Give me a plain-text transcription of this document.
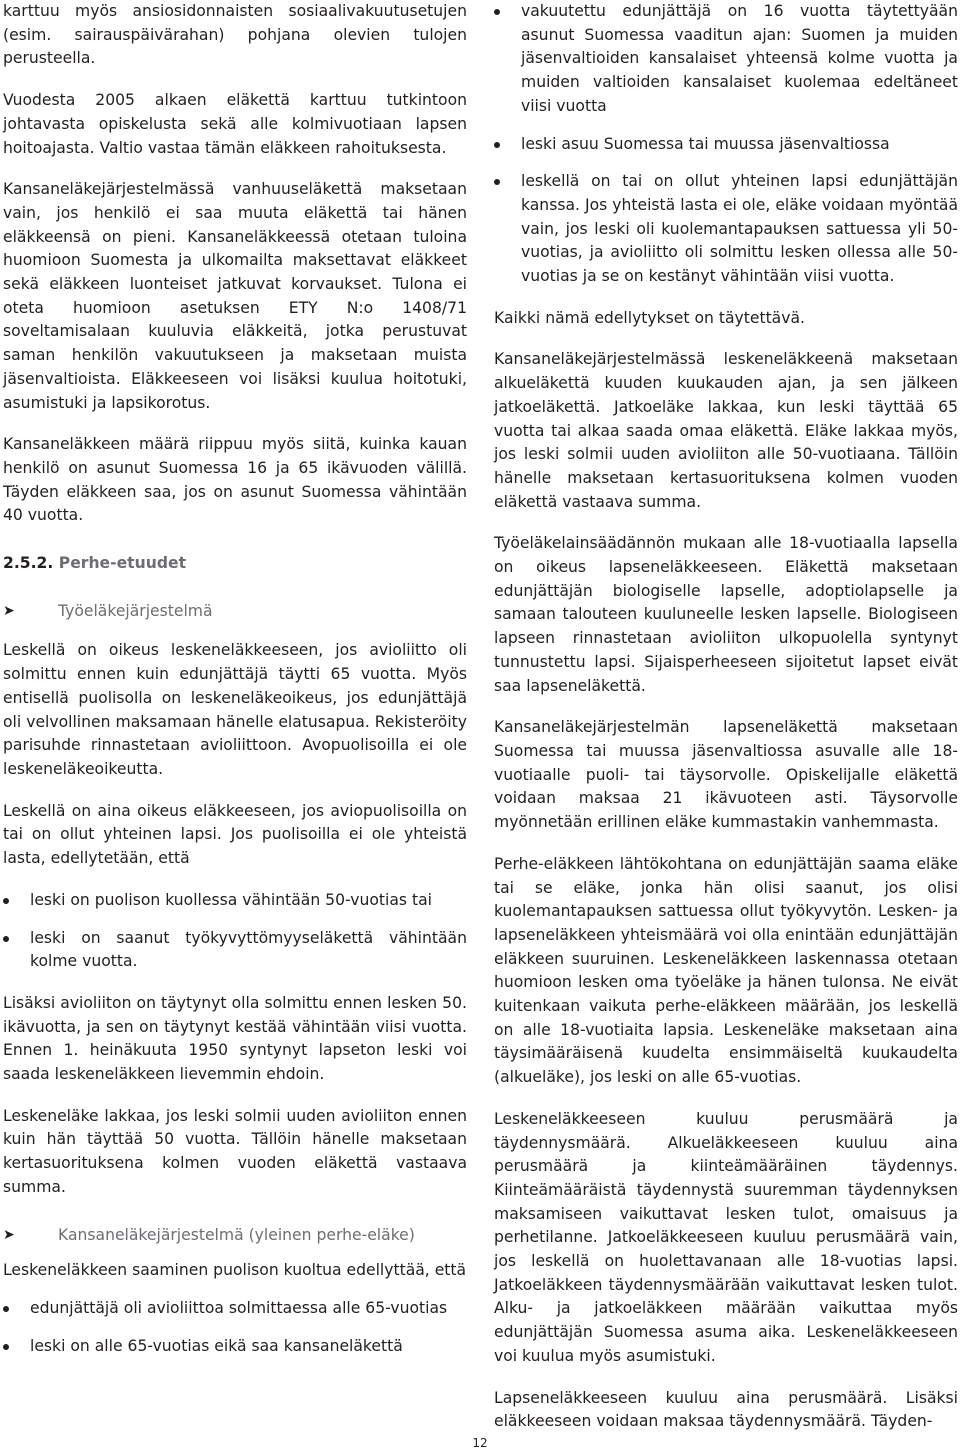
karttuu myös ansiosidonnaisten sosiaalivakuutusetujen (esim. sairauspäivärahan) pohjana olevien tulojen perusteella.

Vuodesta 2005 alkaen eläkettä karttuu tutkintoon johtavasta opiskelusta sekä alle kolmivuotiaan lapsen hoitoajasta. Valtio vastaa tämän eläkkeen rahoituksesta.

Kansaneläkejärjestelmässä vanhuuseläkettä maksetaan vain, jos henkilö ei saa muuta eläkettä tai hänen eläkkeensä on pieni. Kansaneläkkeessä otetaan tuloina huomioon Suomesta ja ulkomailta maksettavat eläkkeet sekä eläkkeen luonteiset jatkuvat korvaukset. Tulona ei oteta huomioon asetuksen ETY N:o 1408/71 soveltamisalaan kuuluvia eläkkeitä, jotka perustuvat saman henkilön vakuutukseen ja maksetaan muista jäsenvaltioista. Eläkkeeseen voi lisäksi kuulua hoitotuki, asumistuki ja lapsikorotus.

Kansaneläkkeen määrä riippuu myös siitä, kuinka kauan henkilö on asunut Suomessa 16 ja 65 ikävuoden välillä. Täyden eläkkeen saa, jos on asunut Suomessa vähintään 40 vuotta.

2.5.2. Perhe-etuudet

➤	Työeläkejärjestelmä

Leskellä on oikeus leskeneläkkeeseen, jos avioliitto oli solmittu ennen kuin edunjättäjä täytti 65 vuotta. Myös entisellä puolisolla on leskeneläkeoikeus, jos edunjättäjä oli velvollinen maksamaan hänelle elatusapua. Rekisteröity parisuhde rinnastetaan avioliittoon. Avopuolisoilla ei ole leskeneläkeoikeutta.

Leskellä on aina oikeus eläkkeeseen, jos aviopuolisoilla on tai on ollut yhteinen lapsi. Jos puolisoilla ei ole yhteistä lasta, edellytetään, että

leski on puolison kuollessa vähintään 50-vuotias tai
leski on saanut työkyvyttömyyseläkettä vähintään kolme vuotta.

Lisäksi avioliiton on täytynyt olla solmittu ennen lesken 50. ikävuotta, ja sen on täytynyt kestää vähintään viisi vuotta. Ennen 1. heinäkuuta 1950 syntynyt lapseton leski voi saada leskeneläkkeen lievemmin ehdoin.

Leskeneläke lakkaa, jos leski solmii uuden avioliiton ennen kuin hän täyttää 50 vuotta. Tällöin hänelle maksetaan kertasuorituksena kolmen vuoden eläkettä vastaava summa.

➤	Kansaneläkejärjestelmä (yleinen perhe-eläke)

Leskeneläkkeen saaminen puolison kuoltua edellyttää, että

edunjättäjä oli avioliittoa solmittaessa alle 65-vuotias
leski on alle 65-vuotias eikä saa kansaneläkettä
vakuutettu edunjättäjä on 16 vuotta täytettyään asunut Suomessa vaaditun ajan: Suomen ja muiden jäsenvaltioiden kansalaiset yhteensä kolme vuotta ja muiden valtioiden kansalaiset kuolemaa edeltäneet viisi vuotta
leski asuu Suomessa tai muussa jäsenvaltiossa
leskellä on tai on ollut yhteinen lapsi edunjättäjän kanssa. Jos yhteistä lasta ei ole, eläke voidaan myöntää vain, jos leski oli kuolemantapauksen sattuessa yli 50-vuotias, ja avioliitto oli solmittu lesken ollessa alle 50-vuotias ja se on kestänyt vähintään viisi vuotta.

Kaikki nämä edellytykset on täytettävä.

Kansaneläkejärjestelmässä leskeneläkkeenä maksetaan alkueläkettä kuuden kuukauden ajan, ja sen jälkeen jatkoeläkettä. Jatkoeläke lakkaa, kun leski täyttää 65 vuotta tai alkaa saada omaa eläkettä. Eläke lakkaa myös, jos leski solmii uuden avioliiton alle 50-vuotiaana. Tällöin hänelle maksetaan kertasuorituksena kolmen vuoden eläkettä vastaava summa.

Työeläkelainsäädännön mukaan alle 18-vuotiaalla lapsella on oikeus lapseneläkkeeseen. Eläkettä maksetaan edunjättäjän biologiselle lapselle, adoptiolapselle ja samaan talouteen kuuluneelle lesken lapselle. Biologiseen lapseen rinnastetaan avioliiton ulkopuolella syntynyt tunnustettu lapsi. Sijaisperheeseen sijoitetut lapset eivät saa lapseneläkettä.

Kansaneläkejärjestelmän lapseneläkettä maksetaan Suomessa tai muussa jäsenvaltiossa asuvalle alle 18-vuotiaalle puoli- tai täysorvolle. Opiskelijalle eläkettä voidaan maksaa 21 ikävuoteen asti. Täysorvolle myönnetään erillinen eläke kummastakin vanhemmasta.

Perhe-eläkkeen lähtökohtana on edunjättäjän saama eläke tai se eläke, jonka hän olisi saanut, jos olisi kuolemantapauksen sattuessa ollut työkyvytön. Lesken- ja lapseneläkkeen yhteismäärä voi olla enintään edunjättäjän eläkkeen suuruinen. Leskeneläkkeen laskennassa otetaan huomioon lesken oma työeläke ja hänen tulonsa. Ne eivät kuitenkaan vaikuta perhe-eläkkeen määrään, jos leskellä on alle 18-vuotiaita lapsia. Leskeneläke maksetaan aina täysimääräisenä kuudelta ensimmäiseltä kuukaudelta (alkueläke), jos leski on alle 65-vuotias.

Leskeneläkkeeseen kuuluu perusmäärä ja täydennysmäärä. Alkueläkkeeseen kuuluu aina perusmäärä ja kiinteämääräinen täydennys. Kiinteämääräistä täydennystä suuremman täydennyksen maksamiseen vaikuttavat lesken tulot, omaisuus ja perhetilanne. Jatkoeläkkeeseen kuuluu perusmäärä vain, jos leskellä on huolettavanaan alle 18-vuotias lapsi. Jatkoeläkkeen täydennysmäärään vaikuttavat lesken tulot. Alku- ja jatkoeläkkeen määrään vaikuttaa myös edunjättäjän Suomessa asuma aika. Leskeneläkkeeseen voi kuulua myös asumistuki.

Lapseneläkkeeseen kuuluu aina perusmäärä. Lisäksi eläkkeeseen voidaan maksaa täydennysmäärä. Täyden-

12
